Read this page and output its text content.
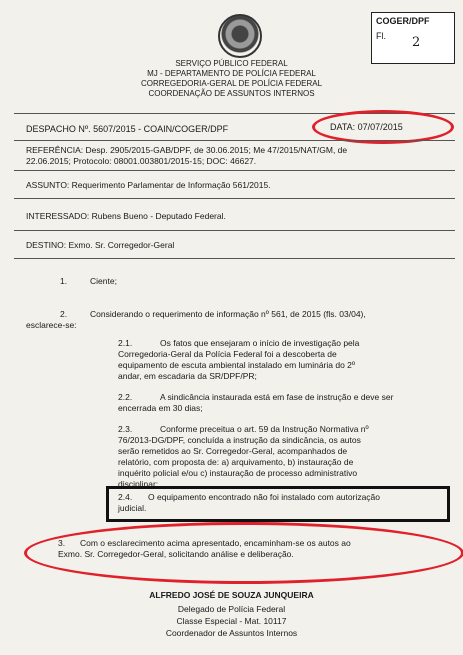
COGER/DPF
Fl. 2
SERVIÇO PÚBLICO FEDERAL
MJ - DEPARTAMENTO DE POLÍCIA FEDERAL
CORREGEDORIA-GERAL DE POLÍCIA FEDERAL
COORDENAÇÃO DE ASSUNTOS INTERNOS
DESPACHO Nº. 5607/2015 - COAIN/COGER/DPF	DATA: 07/07/2015
REFERÊNCIA: Desp. 2905/2015-GAB/DPF, de 30.06.2015; Me 47/2015/NAT/GM, de
22.06.2015; Protocolo: 08001.003801/2015-15; DOC: 46627.
ASSUNTO: Requerimento Parlamentar de Informação 561/2015.
INTERESSADO: Rubens Bueno - Deputado Federal.
DESTINO: Exmo. Sr. Corregedor-Geral
1.	Ciente;
2.	Considerando o requerimento de informação nº 561, de 2015 (fls. 03/04),
esclarece-se:
2.1.	Os fatos que ensejaram o início de investigação pela
Corregedoria-Geral da Polícia Federal foi a descoberta de
equipamento de escuta ambiental instalado em luminária do 2º
andar, em escadaria da SR/DPF/PR;
2.2.	A sindicância instaurada está em fase de instrução e deve ser
encerrada em 30 dias;
2.3.	Conforme preceitua o art. 59 da Instrução Normativa nº
76/2013-DG/DPF, concluída a instrução da sindicância, os autos
serão remetidos ao Sr. Corregedor-Geral, acompanhados de
relatório, com proposta de: a) arquivamento, b) instauração de
inquérito policial e/ou c) instauração de processo administrativo
disciplinar;
2.4. O equipamento encontrado não foi instalado com autorização
judicial.
3. Com o esclarecimento acima apresentado, encaminham-se os autos ao
Exmo. Sr. Corregedor-Geral, solicitando análise e deliberação.
ALFREDO JOSÉ DE SOUZA JUNQUEIRA
Delegado de Polícia Federal
Classe Especial - Mat. 10117
Coordenador de Assuntos Internos
